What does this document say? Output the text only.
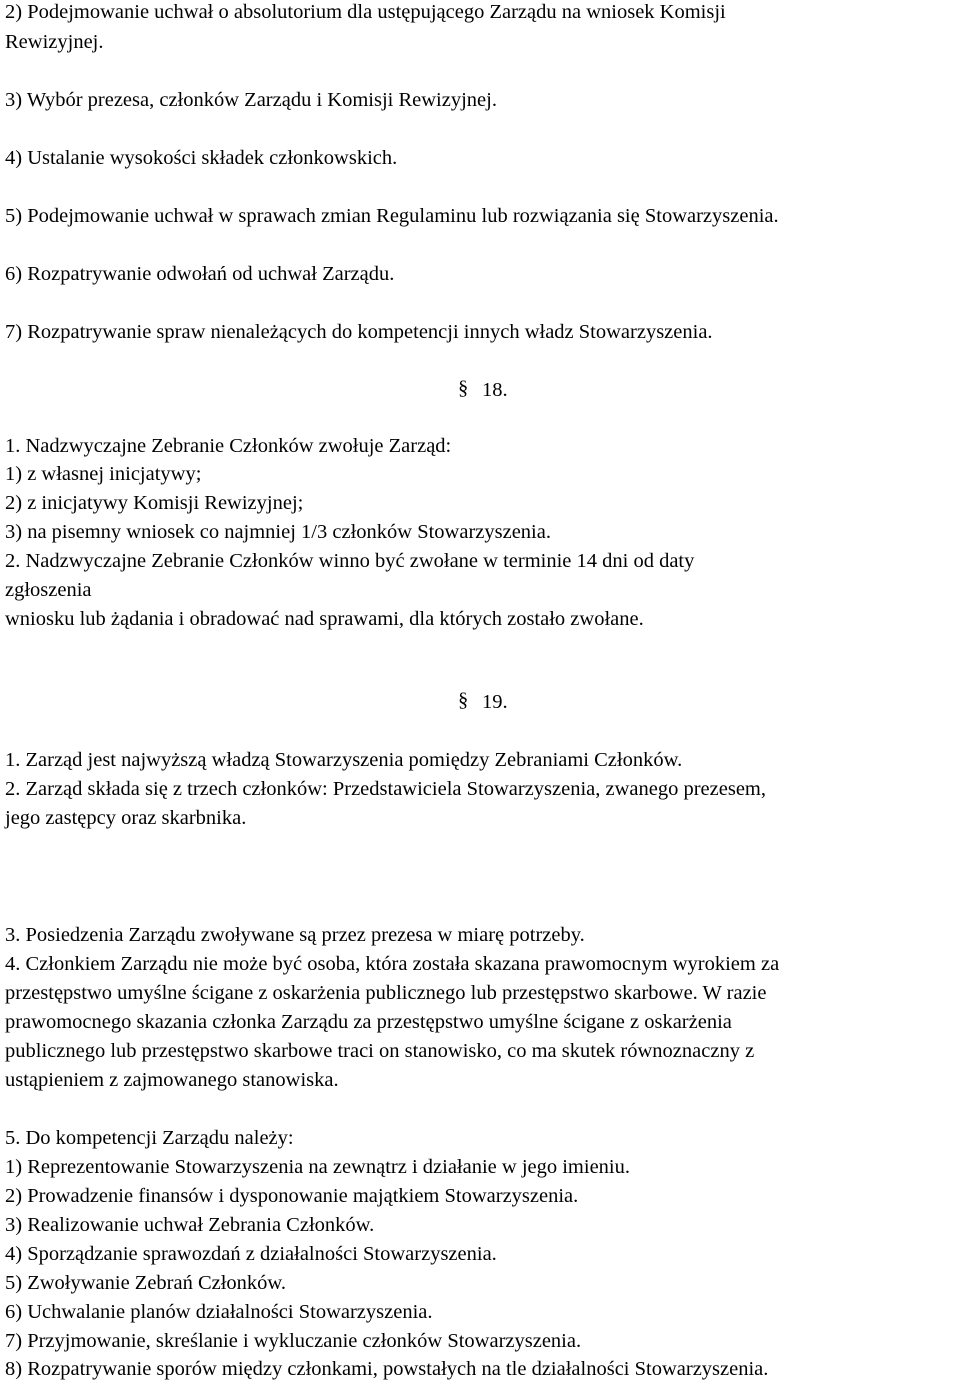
2) Podejmowanie uchwał o absolutorium dla ustępującego Zarządu na wniosek Komisji
Rewizyjnej.
3) Wybór prezesa, członków Zarządu i Komisji Rewizyjnej.
4) Ustalanie wysokości składek członkowskich.
5) Podejmowanie uchwał w sprawach zmian Regulaminu lub rozwiązania się Stowarzyszenia.
6) Rozpatrywanie odwołań od uchwał Zarządu.
7) Rozpatrywanie spraw nienależących do kompetencji innych władz Stowarzyszenia.
§ 18.
1. Nadzwyczajne Zebranie Członków zwołuje Zarząd:
1) z własnej inicjatywy;
2) z inicjatywy Komisji Rewizyjnej;
3) na pisemny wniosek co najmniej 1/3 członków Stowarzyszenia.
2. Nadzwyczajne Zebranie Członków winno być zwołane w terminie 14 dni od daty
zgłoszenia
wniosku lub żądania i obradować nad sprawami, dla których zostało zwołane.
§ 19.
1. Zarząd jest najwyższą władzą Stowarzyszenia pomiędzy Zebraniami Członków.
2. Zarząd składa się z trzech członków: Przedstawiciela Stowarzyszenia, zwanego prezesem,
jego zastępcy oraz skarbnika.
3. Posiedzenia Zarządu zwoływane są przez prezesa w miarę potrzeby.
4. Członkiem Zarządu nie może być osoba, która została skazana prawomocnym wyrokiem za
przestępstwo umyślne ścigane z oskarżenia publicznego lub przestępstwo skarbowe. W razie
prawomocnego skazania członka Zarządu za przestępstwo umyślne ścigane z oskarżenia
publicznego lub przestępstwo skarbowe traci on stanowisko, co ma skutek równoznaczny z
ustąpieniem z zajmowanego stanowiska.
5. Do kompetencji Zarządu należy:
1) Reprezentowanie Stowarzyszenia na zewnątrz i działanie w jego imieniu.
2) Prowadzenie finansów i dysponowanie majątkiem Stowarzyszenia.
3) Realizowanie uchwał Zebrania Członków.
4) Sporządzanie sprawozdań z działalności Stowarzyszenia.
5) Zwoływanie Zebrań Członków.
6) Uchwalanie planów działalności Stowarzyszenia.
7) Przyjmowanie, skreślanie i wykluczanie członków Stowarzyszenia.
8) Rozpatrywanie sporów między członkami, powstałych na tle działalności Stowarzyszenia.
